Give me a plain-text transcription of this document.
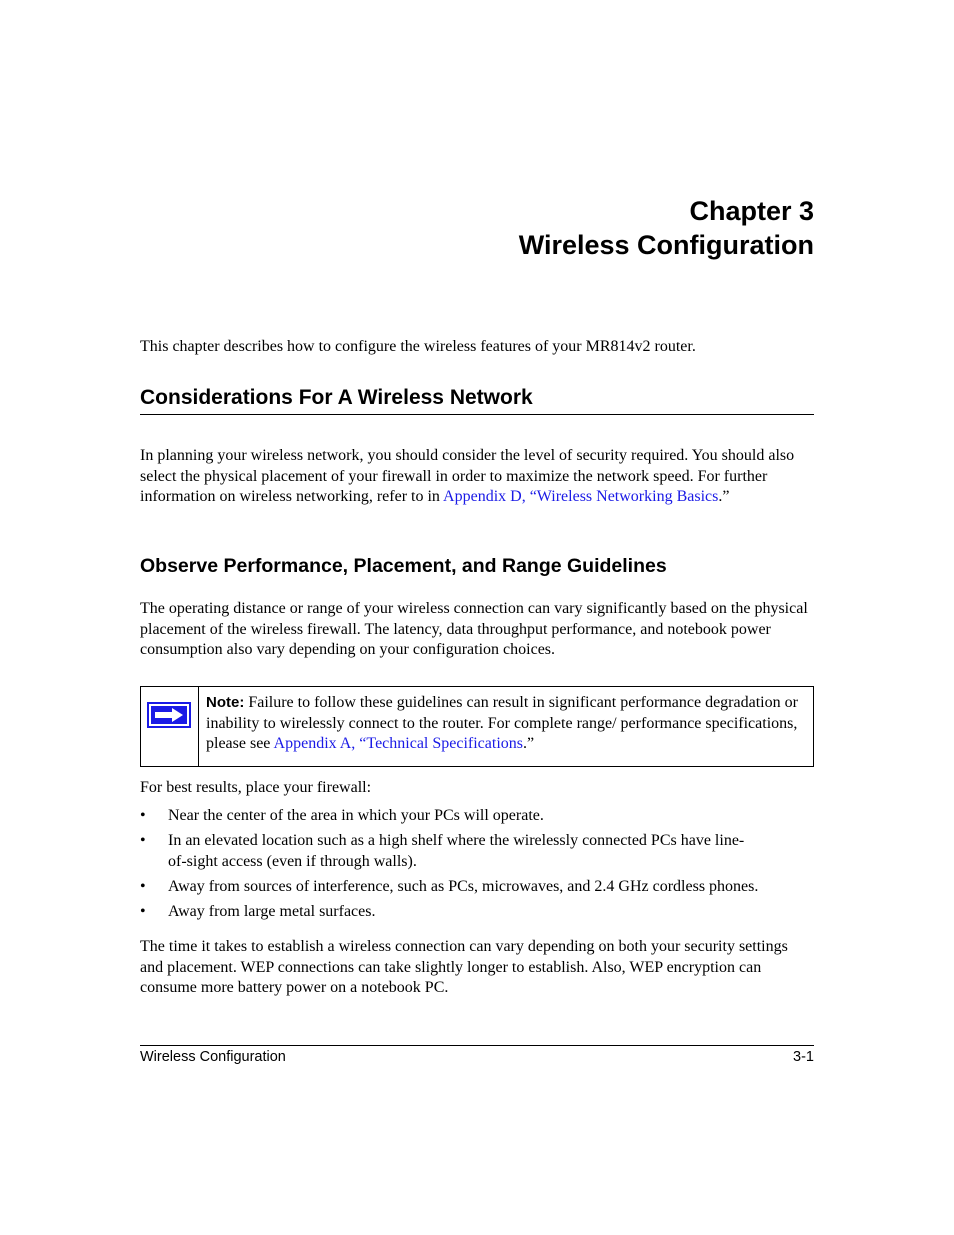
Chapter 3
Wireless Configuration
This chapter describes how to configure the wireless features of your MR814v2 router.
Considerations For A Wireless Network
In planning your wireless network, you should consider the level of security required. You should also select the physical placement of your firewall in order to maximize the network speed. For further information on wireless networking, refer to in Appendix D, “Wireless Networking Basics.”
Observe Performance, Placement, and Range Guidelines
The operating distance or range of your wireless connection can vary significantly based on the physical placement of the wireless firewall. The latency, data throughput performance, and notebook power consumption also vary depending on your configuration choices.
Note: Failure to follow these guidelines can result in significant performance degradation or inability to wirelessly connect to the router. For complete range/ performance specifications, please see Appendix A, “Technical Specifications.”
For best results, place your firewall:
• Near the center of the area in which your PCs will operate.
• In an elevated location such as a high shelf where the wirelessly connected PCs have line-of-sight access (even if through walls).
• Away from sources of interference, such as PCs, microwaves, and 2.4 GHz cordless phones.
• Away from large metal surfaces.
The time it takes to establish a wireless connection can vary depending on both your security settings and placement. WEP connections can take slightly longer to establish. Also, WEP encryption can consume more battery power on a notebook PC.
Wireless Configuration	3-1
